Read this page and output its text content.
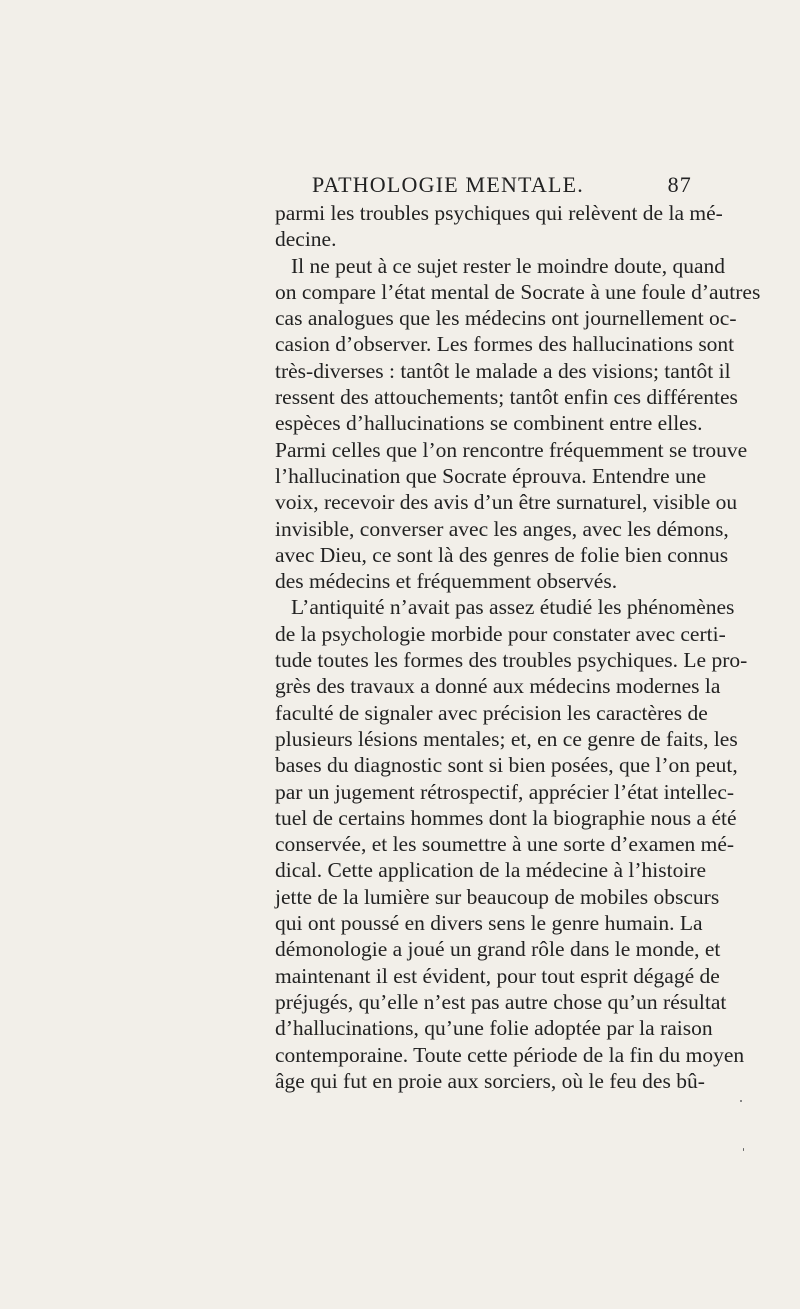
PATHOLOGIE MENTALE.	87
parmi les troubles psychiques qui relèvent de la mé-
decine.
Il ne peut à ce sujet rester le moindre doute, quand
on compare l’état mental de Socrate à une foule d’autres
cas analogues que les médecins ont journellement oc-
casion d’observer. Les formes des hallucinations sont
très-diverses : tantôt le malade a des visions; tantôt il
ressent des attouchements; tantôt enfin ces différentes
espèces d’hallucinations se combinent entre elles.
Parmi celles que l’on rencontre fréquemment se trouve
l’hallucination que Socrate éprouva. Entendre une
voix, recevoir des avis d’un être surnaturel, visible ou
invisible, converser avec les anges, avec les démons,
avec Dieu, ce sont là des genres de folie bien connus
des médecins et fréquemment observés.
L’antiquité n’avait pas assez étudié les phénomènes
de la psychologie morbide pour constater avec certi-
tude toutes les formes des troubles psychiques. Le pro-
grès des travaux a donné aux médecins modernes la
faculté de signaler avec précision les caractères de
plusieurs lésions mentales; et, en ce genre de faits, les
bases du diagnostic sont si bien posées, que l’on peut,
par un jugement rétrospectif, apprécier l’état intellec-
tuel de certains hommes dont la biographie nous a été
conservée, et les soumettre à une sorte d’examen mé-
dical. Cette application de la médecine à l’histoire
jette de la lumière sur beaucoup de mobiles obscurs
qui ont poussé en divers sens le genre humain. La
démonologie a joué un grand rôle dans le monde, et
maintenant il est évident, pour tout esprit dégagé de
préjugés, qu’elle n’est pas autre chose qu’un résultat
d’hallucinations, qu’une folie adoptée par la raison
contemporaine. Toute cette période de la fin du moyen
âge qui fut en proie aux sorciers, où le feu des bû-
